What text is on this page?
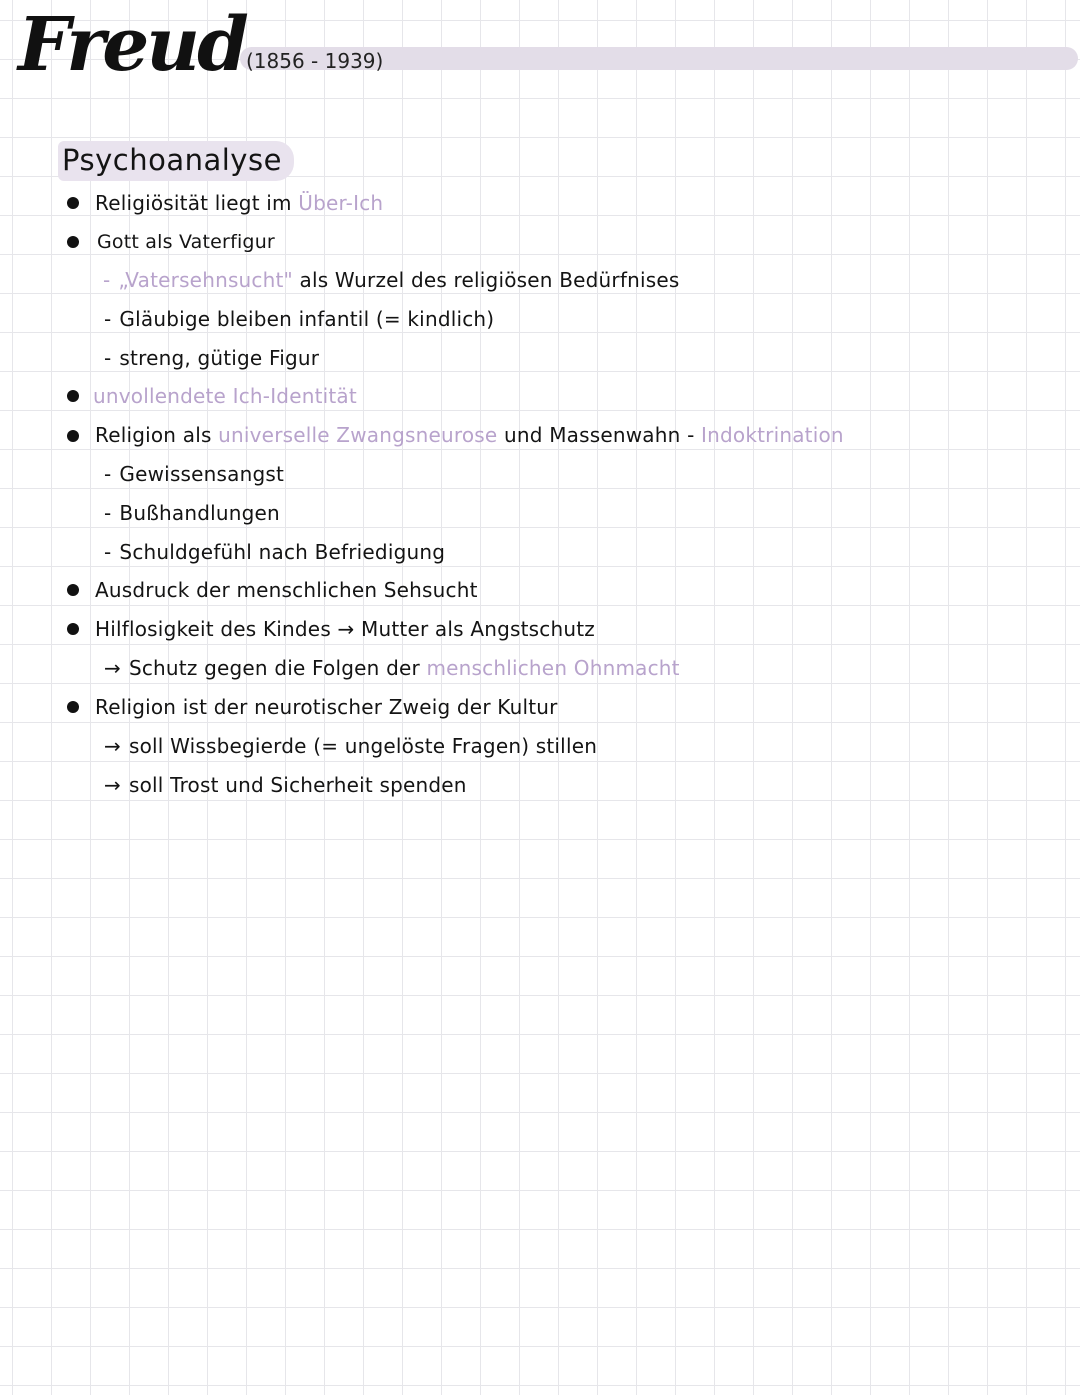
Freud (1856 - 1939)
Psychoanalyse
Religiösität liegt im Über-Ich
Gott als Vaterfigur
- „Vatersehnsucht" als Wurzel des religiösen Bedürfnises
- Gläubige bleiben infantil (= kindlich)
- streng, gütige Figur
unvollendete Ich-Identität
Religion als universelle Zwangsneurose und Massenwahn - Indoktrination
- Gewissensangst
- Bußhandlungen
- Schuldgefühl nach Befriedigung
Ausdruck der menschlichen Sehsucht
Hilflosigkeit des Kindes → Mutter als Angstschutz
→ Schutz gegen die Folgen der menschlichen Ohnmacht
Religion ist der neurotischer Zweig der Kultur
→ soll Wissbegierde (= ungelöste Fragen) stillen
→ soll Trost und Sicherheit spenden
